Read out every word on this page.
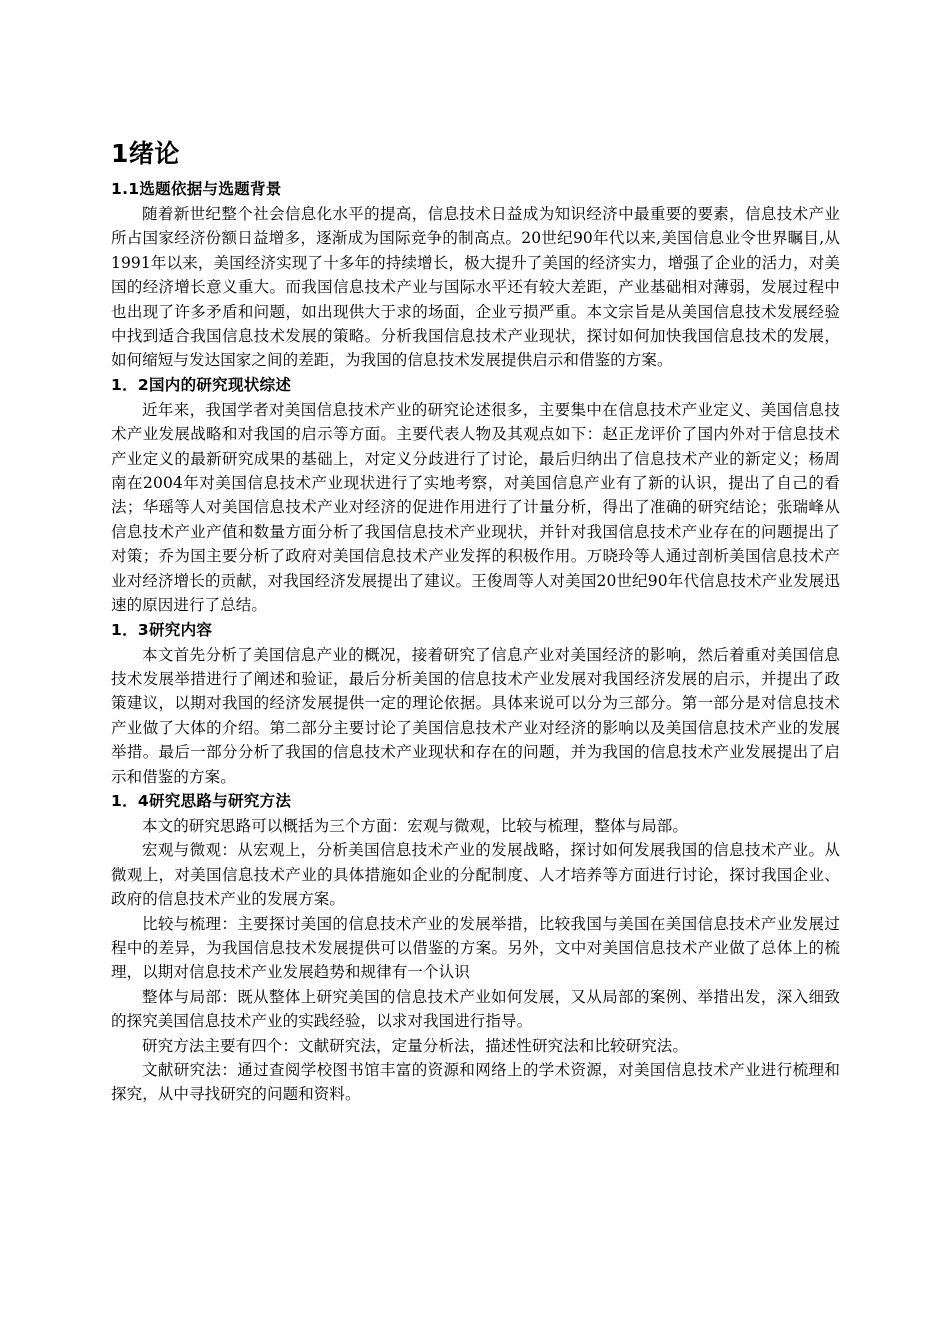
1绪论
1.1选题依据与选题背景

随着新世纪整个社会信息化水平的提高，信息技术日益成为知识经济中最重要的要素，信息技术产业所占国家经济份额日益增多，逐渐成为国际竞争的制高点。20世纪90年代以来,美国信息业令世界瞩目,从1991年以来，美国经济实现了十多年的持续增长，极大提升了美国的经济实力，增强了企业的活力，对美国的经济增长意义重大。而我国信息技术产业与国际水平还有较大差距，产业基础相对薄弱，发展过程中也出现了许多矛盾和问题，如出现供大于求的场面，企业亏损严重。本文宗旨是从美国信息技术发展经验中找到适合我国信息技术发展的策略。分析我国信息技术产业现状，探讨如何加快我国信息技术的发展，如何缩短与发达国家之间的差距，为我国的信息技术发展提供启示和借鉴的方案。

1．2国内的研究现状综述

近年来，我国学者对美国信息技术产业的研究论述很多，主要集中在信息技术产业定义、美国信息技术产业发展战略和对我国的启示等方面。主要代表人物及其观点如下：赵正龙评价了国内外对于信息技术产业定义的最新研究成果的基础上，对定义分歧进行了讨论，最后归纳出了信息技术产业的新定义；杨周南在2004年对美国信息技术产业现状进行了实地考察，对美国信息产业有了新的认识，提出了自己的看法；华瑶等人对美国信息技术产业对经济的促进作用进行了计量分析，得出了准确的研究结论；张瑞峰从信息技术产业产值和数量方面分析了我国信息技术产业现状，并针对我国信息技术产业存在的问题提出了对策；乔为国主要分析了政府对美国信息技术产业发挥的积极作用。万晓玲等人通过剖析美国信息技术产业对经济增长的贡献，对我国经济发展提出了建议。王俊周等人对美国20世纪90年代信息技术产业发展迅速的原因进行了总结。

1．3研究内容

本文首先分析了美国信息产业的概况，接着研究了信息产业对美国经济的影响，然后着重对美国信息技术发展举措进行了阐述和验证，最后分析美国的信息技术产业发展对我国经济发展的启示，并提出了政策建议，以期对我国的经济发展提供一定的理论依据。具体来说可以分为三部分。第一部分是对信息技术产业做了大体的介绍。第二部分主要讨论了美国信息技术产业对经济的影响以及美国信息技术产业的发展举措。最后一部分分析了我国的信息技术产业现状和存在的问题，并为我国的信息技术产业发展提出了启示和借鉴的方案。

1．4研究思路与研究方法

本文的研究思路可以概括为三个方面：宏观与微观，比较与梳理，整体与局部。

宏观与微观：从宏观上，分析美国信息技术产业的发展战略，探讨如何发展我国的信息技术产业。从微观上，对美国信息技术产业的具体措施如企业的分配制度、人才培养等方面进行讨论，探讨我国企业、政府的信息技术产业的发展方案。

比较与梳理：主要探讨美国的信息技术产业的发展举措，比较我国与美国在美国信息技术产业发展过程中的差异，为我国信息技术发展提供可以借鉴的方案。另外，文中对美国信息技术产业做了总体上的梳理，以期对信息技术产业发展趋势和规律有一个认识

整体与局部：既从整体上研究美国的信息技术产业如何发展，又从局部的案例、举措出发，深入细致的探究美国信息技术产业的实践经验，以求对我国进行指导。

研究方法主要有四个：文献研究法，定量分析法，描述性研究法和比较研究法。

文献研究法：通过查阅学校图书馆丰富的资源和网络上的学术资源，对美国信息技术产业进行梳理和探究，从中寻找研究的问题和资料。
